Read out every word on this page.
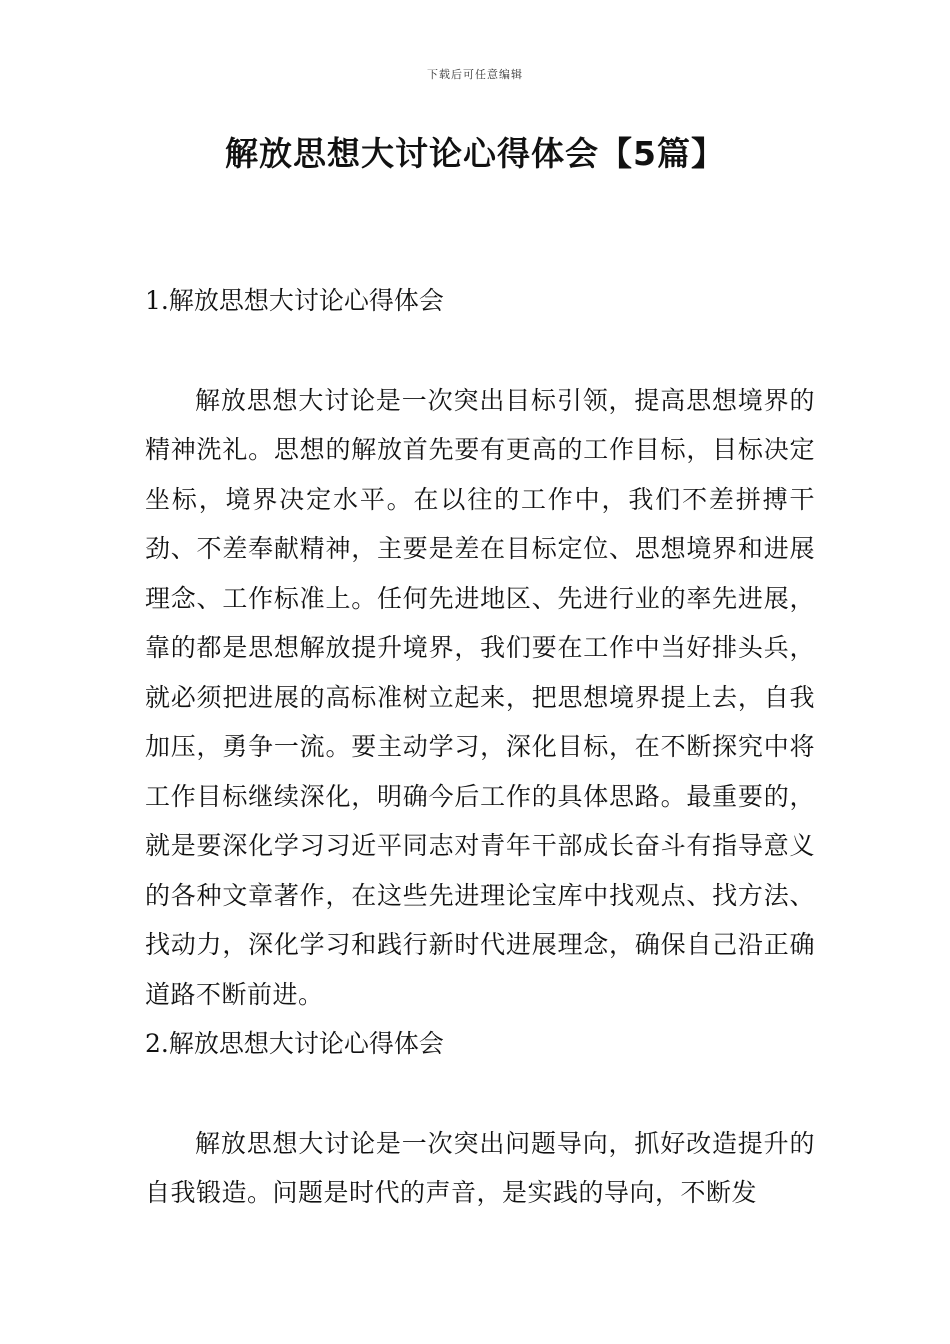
下载后可任意编辑
解放思想大讨论心得体会【5篇】
1.解放思想大讨论心得体会

解放思想大讨论是一次突出目标引领，提高思想境界的精神洗礼。思想的解放首先要有更高的工作目标，目标决定坐标，境界决定水平。在以往的工作中，我们不差拼搏干劲、不差奉献精神，主要是差在目标定位、思想境界和进展理念、工作标准上。任何先进地区、先进行业的率先进展，靠的都是思想解放提升境界，我们要在工作中当好排头兵，就必须把进展的高标准树立起来，把思想境界提上去，自我加压，勇争一流。要主动学习，深化目标，在不断探究中将工作目标继续深化，明确今后工作的具体思路。最重要的，就是要深化学习习近平同志对青年干部成长奋斗有指导意义的各种文章著作，在这些先进理论宝库中找观点、找方法、找动力，深化学习和践行新时代进展理念，确保自己沿正确道路不断前进。

2.解放思想大讨论心得体会

解放思想大讨论是一次突出问题导向，抓好改造提升的自我锻造。问题是时代的声音，是实践的导向，不断发
